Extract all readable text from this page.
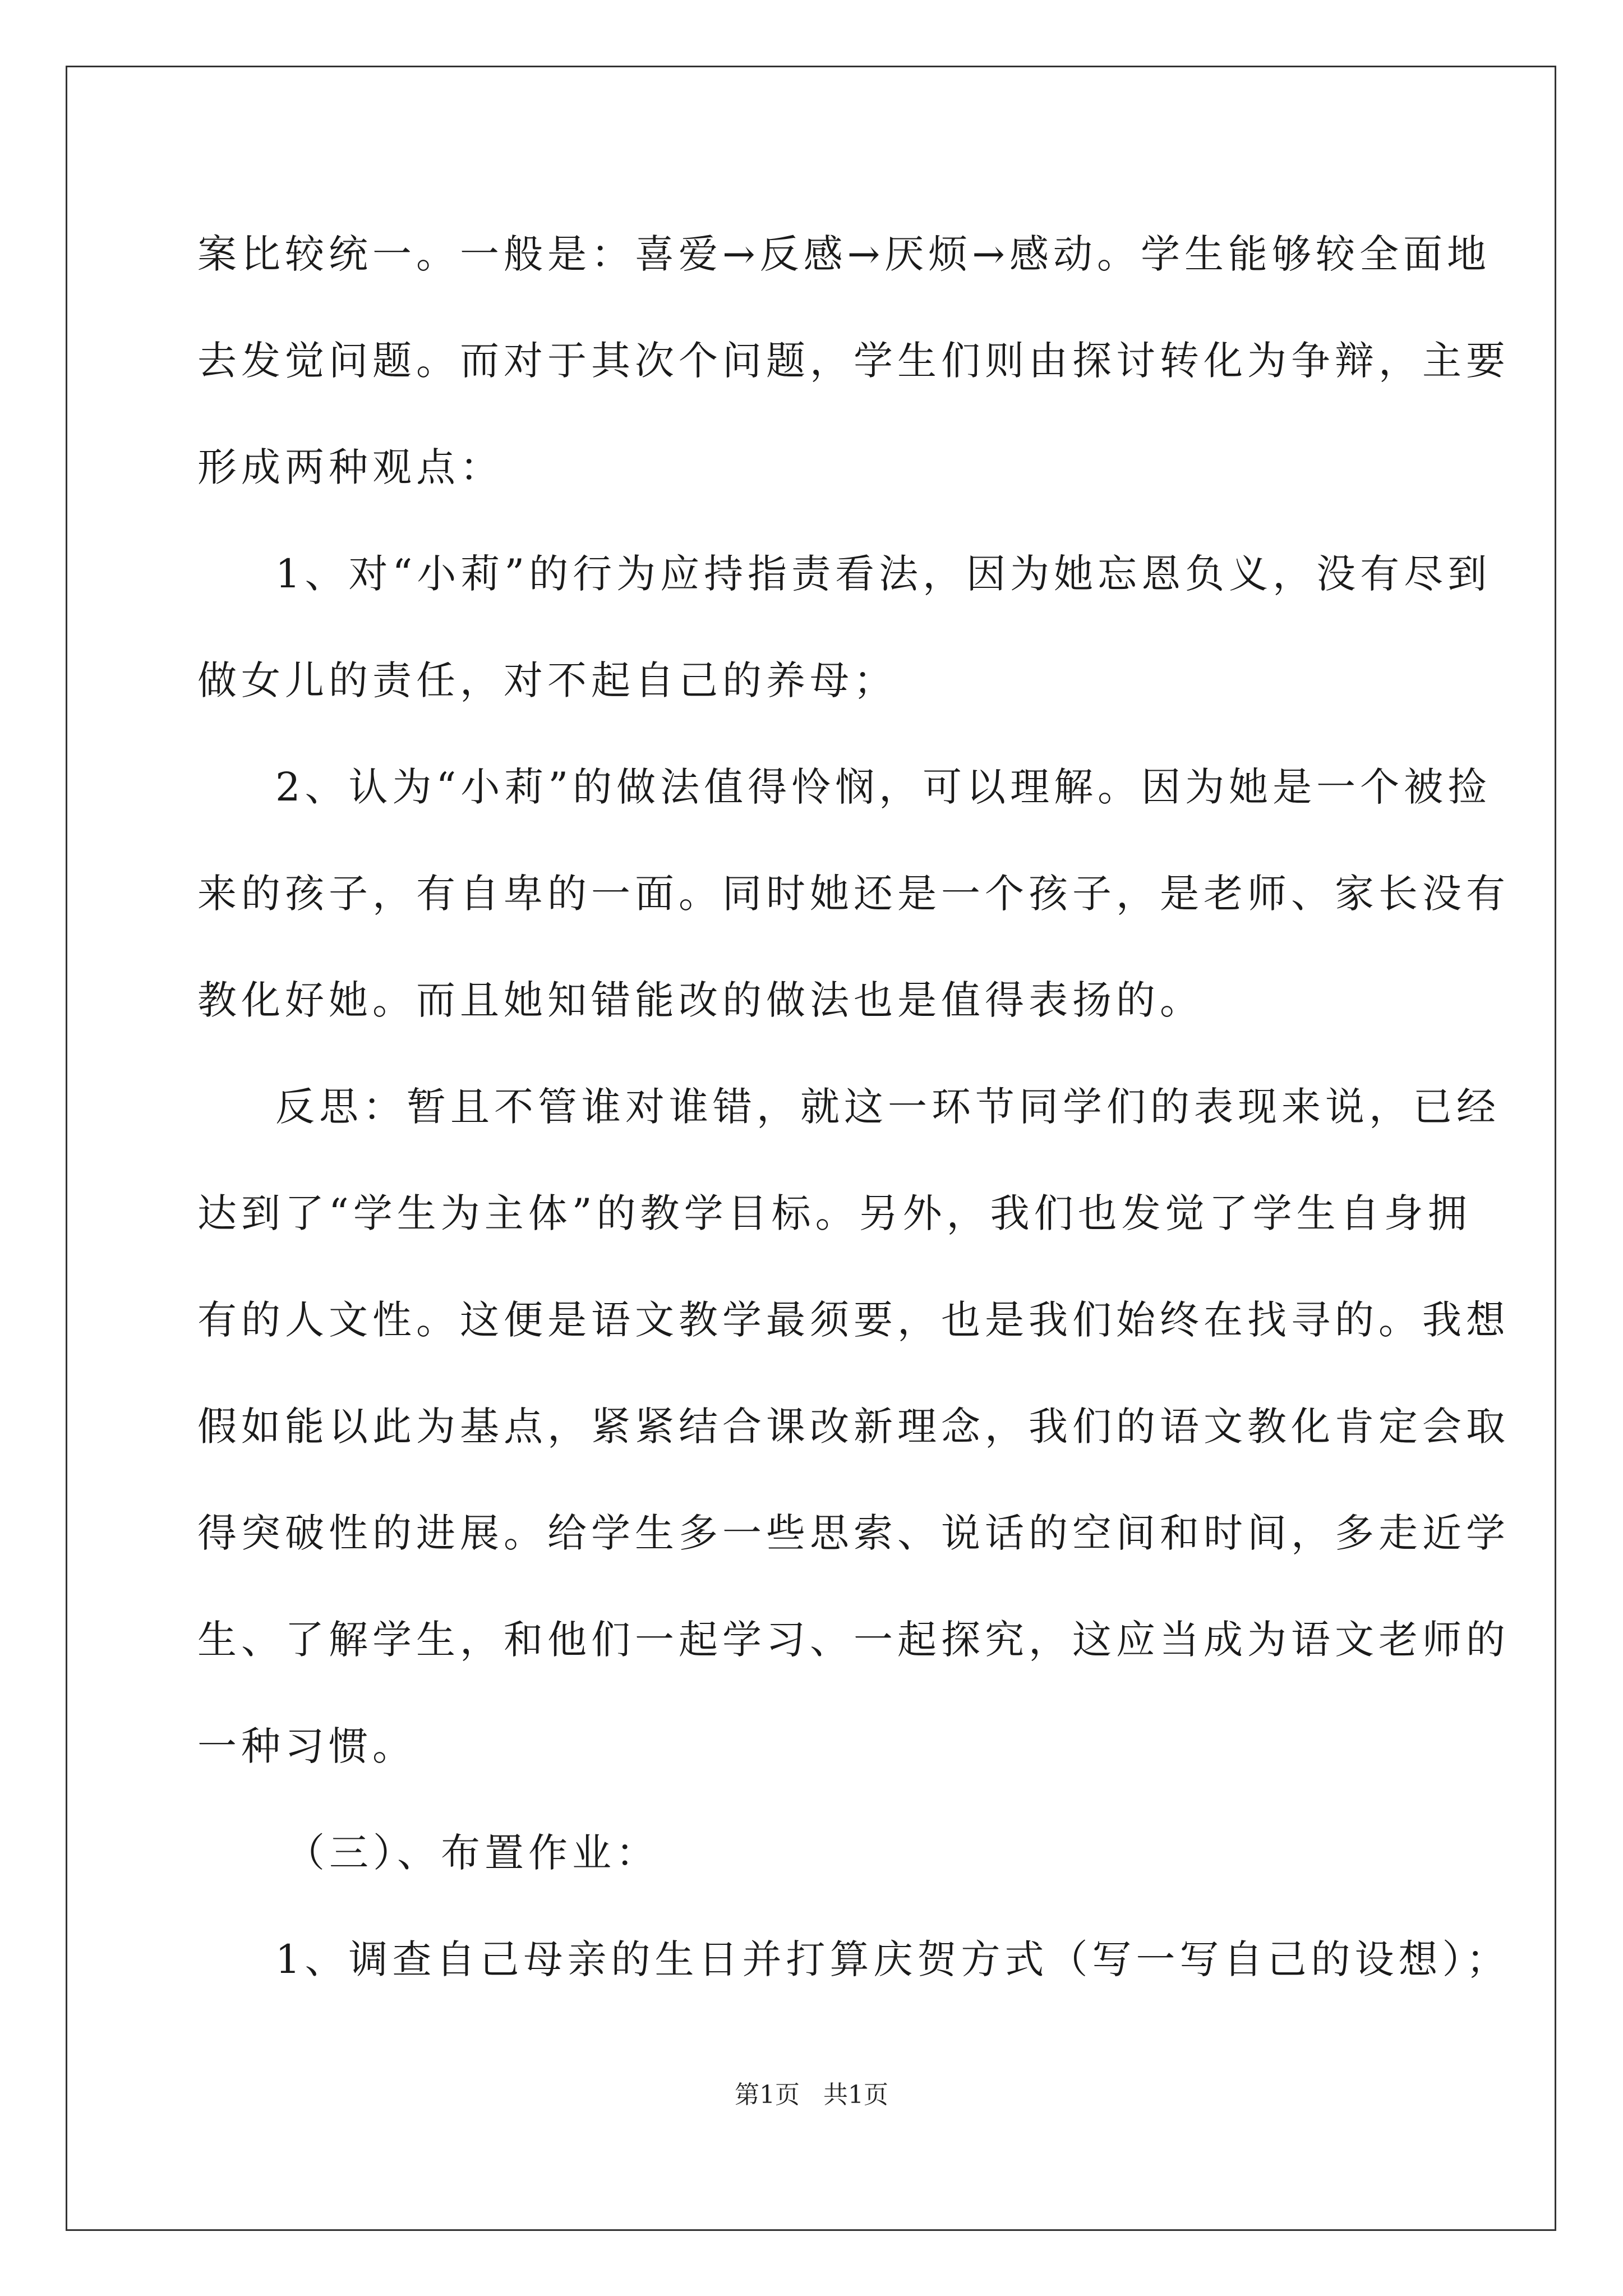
案比较统一。一般是：喜爱→反感→厌烦→感动。学生能够较全面地
去发觉问题。而对于其次个问题，学生们则由探讨转化为争辩，主要
形成两种观点：
1、对“小莉”的行为应持指责看法，因为她忘恩负义，没有尽到
做女儿的责任，对不起自己的养母；
2、认为“小莉”的做法值得怜悯，可以理解。因为她是一个被捡
来的孩子，有自卑的一面。同时她还是一个孩子，是老师、家长没有
教化好她。而且她知错能改的做法也是值得表扬的。
反思：暂且不管谁对谁错，就这一环节同学们的表现来说，已经
达到了“学生为主体”的教学目标。另外，我们也发觉了学生自身拥
有的人文性。这便是语文教学最须要，也是我们始终在找寻的。我想
假如能以此为基点，紧紧结合课改新理念，我们的语文教化肯定会取
得突破性的进展。给学生多一些思索、说话的空间和时间，多走近学
生、了解学生，和他们一起学习、一起探究，这应当成为语文老师的
一种习惯。
（三）、布置作业：
1、调查自己母亲的生日并打算庆贺方式（写一写自己的设想）；
第1页 共1页
